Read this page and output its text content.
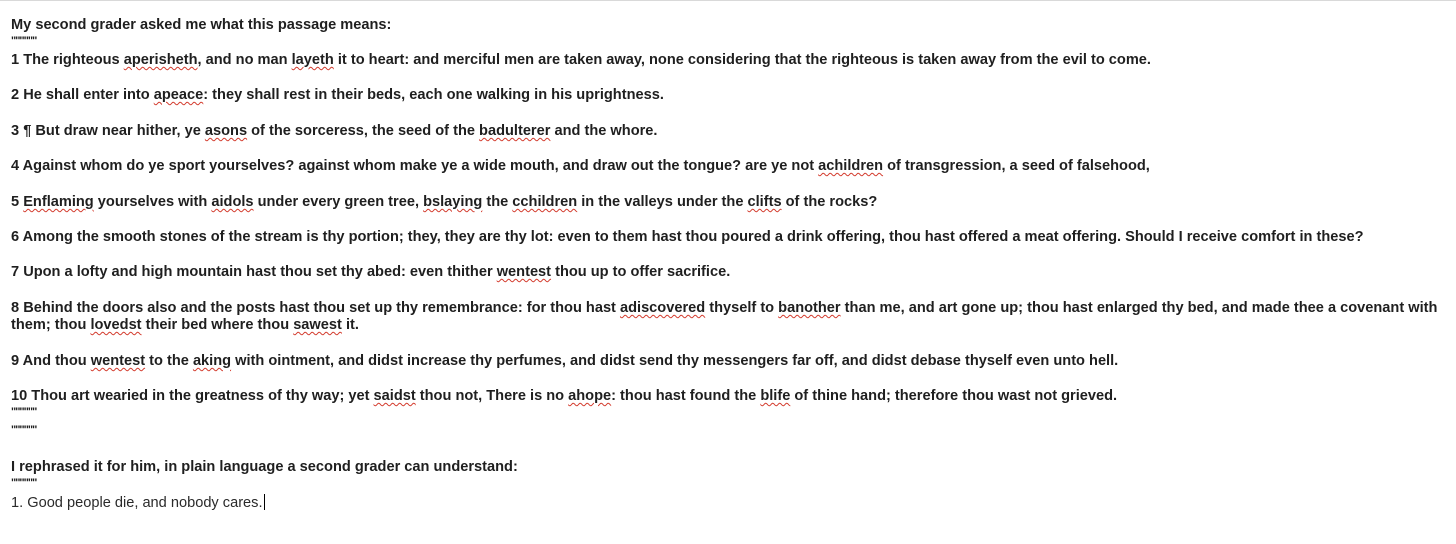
My second grader asked me what this passage means:
""""""
1 The righteous aperisheth, and no man layeth it to heart: and merciful men are taken away, none considering that the righteous is taken away from the evil to come.
2 He shall enter into apeace: they shall rest in their beds, each one walking in his uprightness.
3 ¶ But draw near hither, ye asons of the sorceress, the seed of the badulterer and the whore.
4 Against whom do ye sport yourselves? against whom make ye a wide mouth, and draw out the tongue? are ye not achildren of transgression, a seed of falsehood,
5 Enflaming yourselves with aidols under every green tree, bslaying the cchildren in the valleys under the clifts of the rocks?
6 Among the smooth stones of the stream is thy portion; they, they are thy lot: even to them hast thou poured a drink offering, thou hast offered a meat offering. Should I receive comfort in these?
7 Upon a lofty and high mountain hast thou set thy abed: even thither wentest thou up to offer sacrifice.
8 Behind the doors also and the posts hast thou set up thy remembrance: for thou hast adiscovered thyself to banother than me, and art gone up; thou hast enlarged thy bed, and made thee a covenant with them; thou lovedst their bed where thou sawest it.
9 And thou wentest to the aking with ointment, and didst increase thy perfumes, and didst send thy messengers far off, and didst debase thyself even unto hell.
10 Thou art wearied in the greatness of thy way; yet saidst thou not, There is no ahope: thou hast found the blife of thine hand; therefore thou wast not grieved.
""""""
""""""
I rephrased it for him, in plain language a second grader can understand:
""""""
1. Good people die, and nobody cares.
